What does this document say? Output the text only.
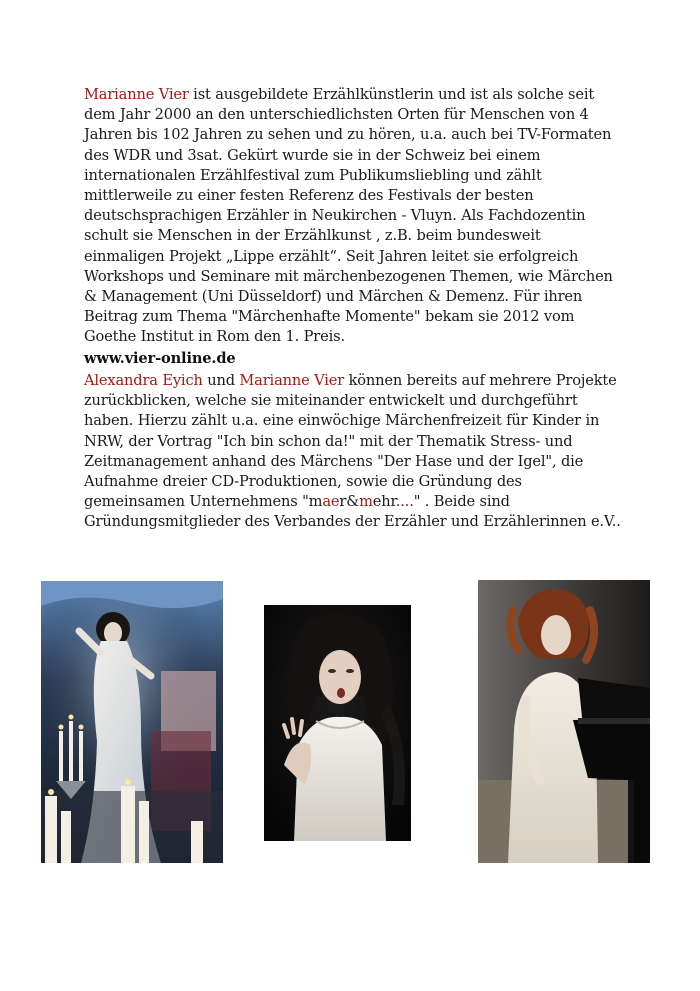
Marianne Vier ist ausgebildete Erzählkünstlerin und ist als solche seit dem Jahr 2000 an den unterschiedlichsten Orten für Menschen von 4 Jahren bis 102 Jahren zu sehen und zu hören, u.a. auch bei TV-Formaten des WDR und 3sat. Gekürt wurde sie in der Schweiz bei einem internationalen Erzählfestival zum Publikumsliebling und zählt mittlerweile zu einer festen Referenz des Festivals der besten deutschsprachigen Erzähler in Neukirchen - Vluyn. Als Fachdozentin schult sie Menschen in der Erzählkunst , z.B. beim bundesweit einmaligen Projekt „Lippe erzählt“. Seit Jahren leitet sie erfolgreich Workshops und Seminare mit märchenbezogenen Themen, wie Märchen & Management (Uni Düsseldorf) und Märchen & Demenz. Für ihren Beitrag zum Thema "Märchenhafte Momente" bekam sie 2012 vom Goethe Institut in Rom den 1. Preis.
www.vier-online.de
Alexandra Eyich und Marianne Vier können bereits auf mehrere Projekte zurückblicken, welche sie miteinander entwickelt und durchgeführt haben. Hierzu zählt u.a. eine einwöchige Märchenfreizeit für Kinder in NRW, der Vortrag "Ich bin schon da!" mit der Thematik Stress- und Zeitmanagement anhand des Märchens "Der Hase und der Igel", die Aufnahme dreier CD-Produktionen, sowie die Gründung des gemeinsamen Unternehmens "maer&mehr...." . Beide sind Gründungsmitglieder des Verbandes der Erzähler und Erzählerinnen e.V..
